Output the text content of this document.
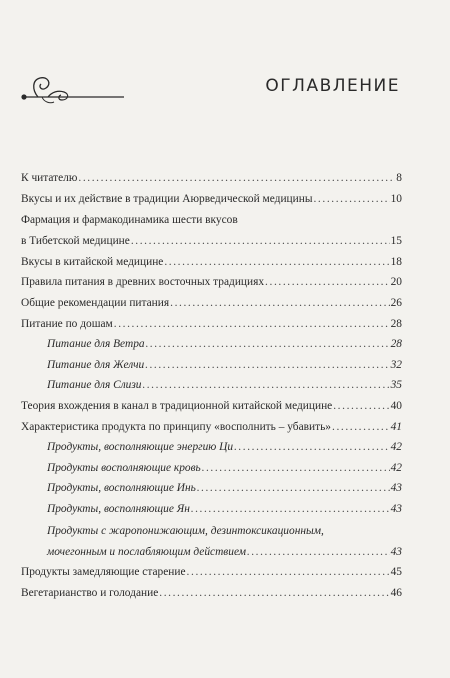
ОГЛАВЛЕНИЕ
К читателю .....	8
Вкусы и их действие в традиции Аюрведической медицины .....	10
Фармация и фармакодинамика шести вкусов
в Тибетской медицине .....	15
Вкусы в китайской медицине .....	18
Правила питания в древних восточных традициях .....	20
Общие рекомендации питания .....	26
Питание по дошам .....	28
Питание для Ветра .....	28
Питание для Желчи .....	32
Питание для Слизи .....	35
Теория вхождения в канал в традиционной китайской медицине .....	40
Характеристика продукта по принципу «восполнить – убавить» .....	41
Продукты, восполняющие энергию Ци .....	42
Продукты восполняющие кровь .....	42
Продукты, восполняющие Инь .....	43
Продукты, восполняющие Ян .....	43
Продукты с жаропонижающим, дезинтоксикационным,
мочегонным и послабляющим действием .....	43
Продукты замедляющие старение .....	45
Вегетарианство и голодание .....	46
